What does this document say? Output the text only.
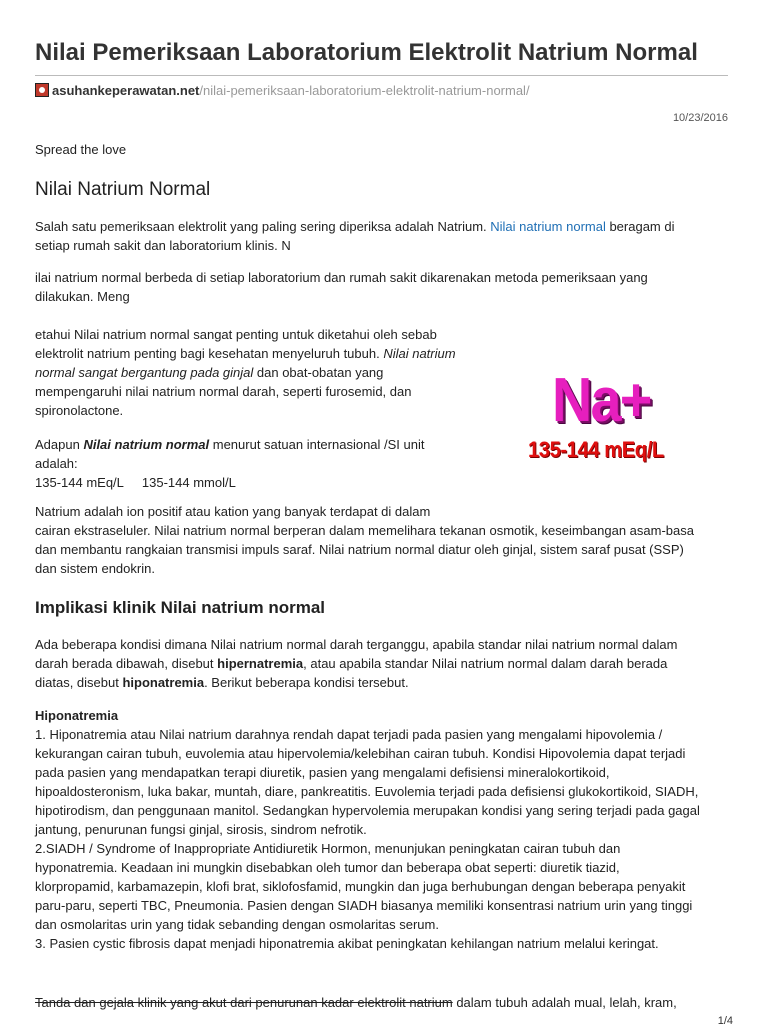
Nilai Pemeriksaan Laboratorium Elektrolit Natrium Normal
asuhankeperawatan.net/nilai-pemeriksaan-laboratorium-elektrolit-natrium-normal/
10/23/2016
Spread the love
Nilai Natrium Normal
Salah satu pemeriksaan elektrolit yang paling sering diperiksa adalah Natrium. Nilai natrium normal beragam di
setiap rumah sakit dan laboratorium klinis. N
ilai natrium normal berbeda di setiap laboratorium dan rumah sakit dikarenakan metoda pemeriksaan yang
dilakukan. Meng
etahui Nilai natrium normal sangat penting untuk diketahui oleh sebab
elektrolit natrium penting bagi kesehatan menyeluruh tubuh. Nilai natrium
normal sangat bergantung pada ginjal dan obat-obatan yang
mempengaruhi nilai natrium normal darah, seperti furosemid, dan
spironolactone.
Adapun Nilai natrium normal menurut satuan internasional /SI unit
adalah:
135-144 mEq/L 135-144 mmol/L
Na+
135-144 mEq/L
Natrium adalah ion positif atau kation yang banyak terdapat di dalam
cairan ekstraseluler. Nilai natrium normal berperan dalam memelihara tekanan osmotik, keseimbangan asam-basa
dan membantu rangkaian transmisi impuls saraf. Nilai natrium normal diatur oleh ginjal, sistem saraf pusat (SSP)
dan sistem endokrin.
Implikasi klinik Nilai natrium normal
Ada beberapa kondisi dimana Nilai natrium normal darah terganggu, apabila standar nilai natrium normal dalam
darah berada dibawah, disebut hipernatremia, atau apabila standar Nilai natrium normal dalam darah berada
diatas, disebut hiponatremia. Berikut beberapa kondisi tersebut.
Hiponatremia
1. Hiponatremia atau Nilai natrium darahnya rendah dapat terjadi pada pasien yang mengalami hipovolemia /
kekurangan cairan tubuh, euvolemia atau hipervolemia/kelebihan cairan tubuh. Kondisi Hipovolemia dapat terjadi
pada pasien yang mendapatkan terapi diuretik, pasien yang mengalami defisiensi mineralokortikoid,
hipoaldosteronism, luka bakar, muntah, diare, pankreatitis. Euvolemia terjadi pada defisiensi glukokortikoid, SIADH,
hipotirodism, dan penggunaan manitol. Sedangkan hypervolemia merupakan kondisi yang sering terjadi pada gagal
jantung, penurunan fungsi ginjal, sirosis, sindrom nefrotik.
2.SIADH / Syndrome of Inappropriate Antidiuretik Hormon, menunjukan peningkatan cairan tubuh dan
hyponatremia. Keadaan ini mungkin disebabkan oleh tumor dan beberapa obat seperti: diuretik tiazid,
klorpropamid, karbamazepin, klofi brat, siklofosfamid, mungkin dan juga berhubungan dengan beberapa penyakit
paru-paru, seperti TBC, Pneumonia. Pasien dengan SIADH biasanya memiliki konsentrasi natrium urin yang tinggi
dan osmolaritas urin yang tidak sebanding dengan osmolaritas serum.
3. Pasien cystic fibrosis dapat menjadi hiponatremia akibat peningkatan kehilangan natrium melalui keringat.
Tanda dan gejala klinik yang akut dari penurunan kadar elektrolit natrium dalam tubuh adalah mual, lelah, kram,
1/4
